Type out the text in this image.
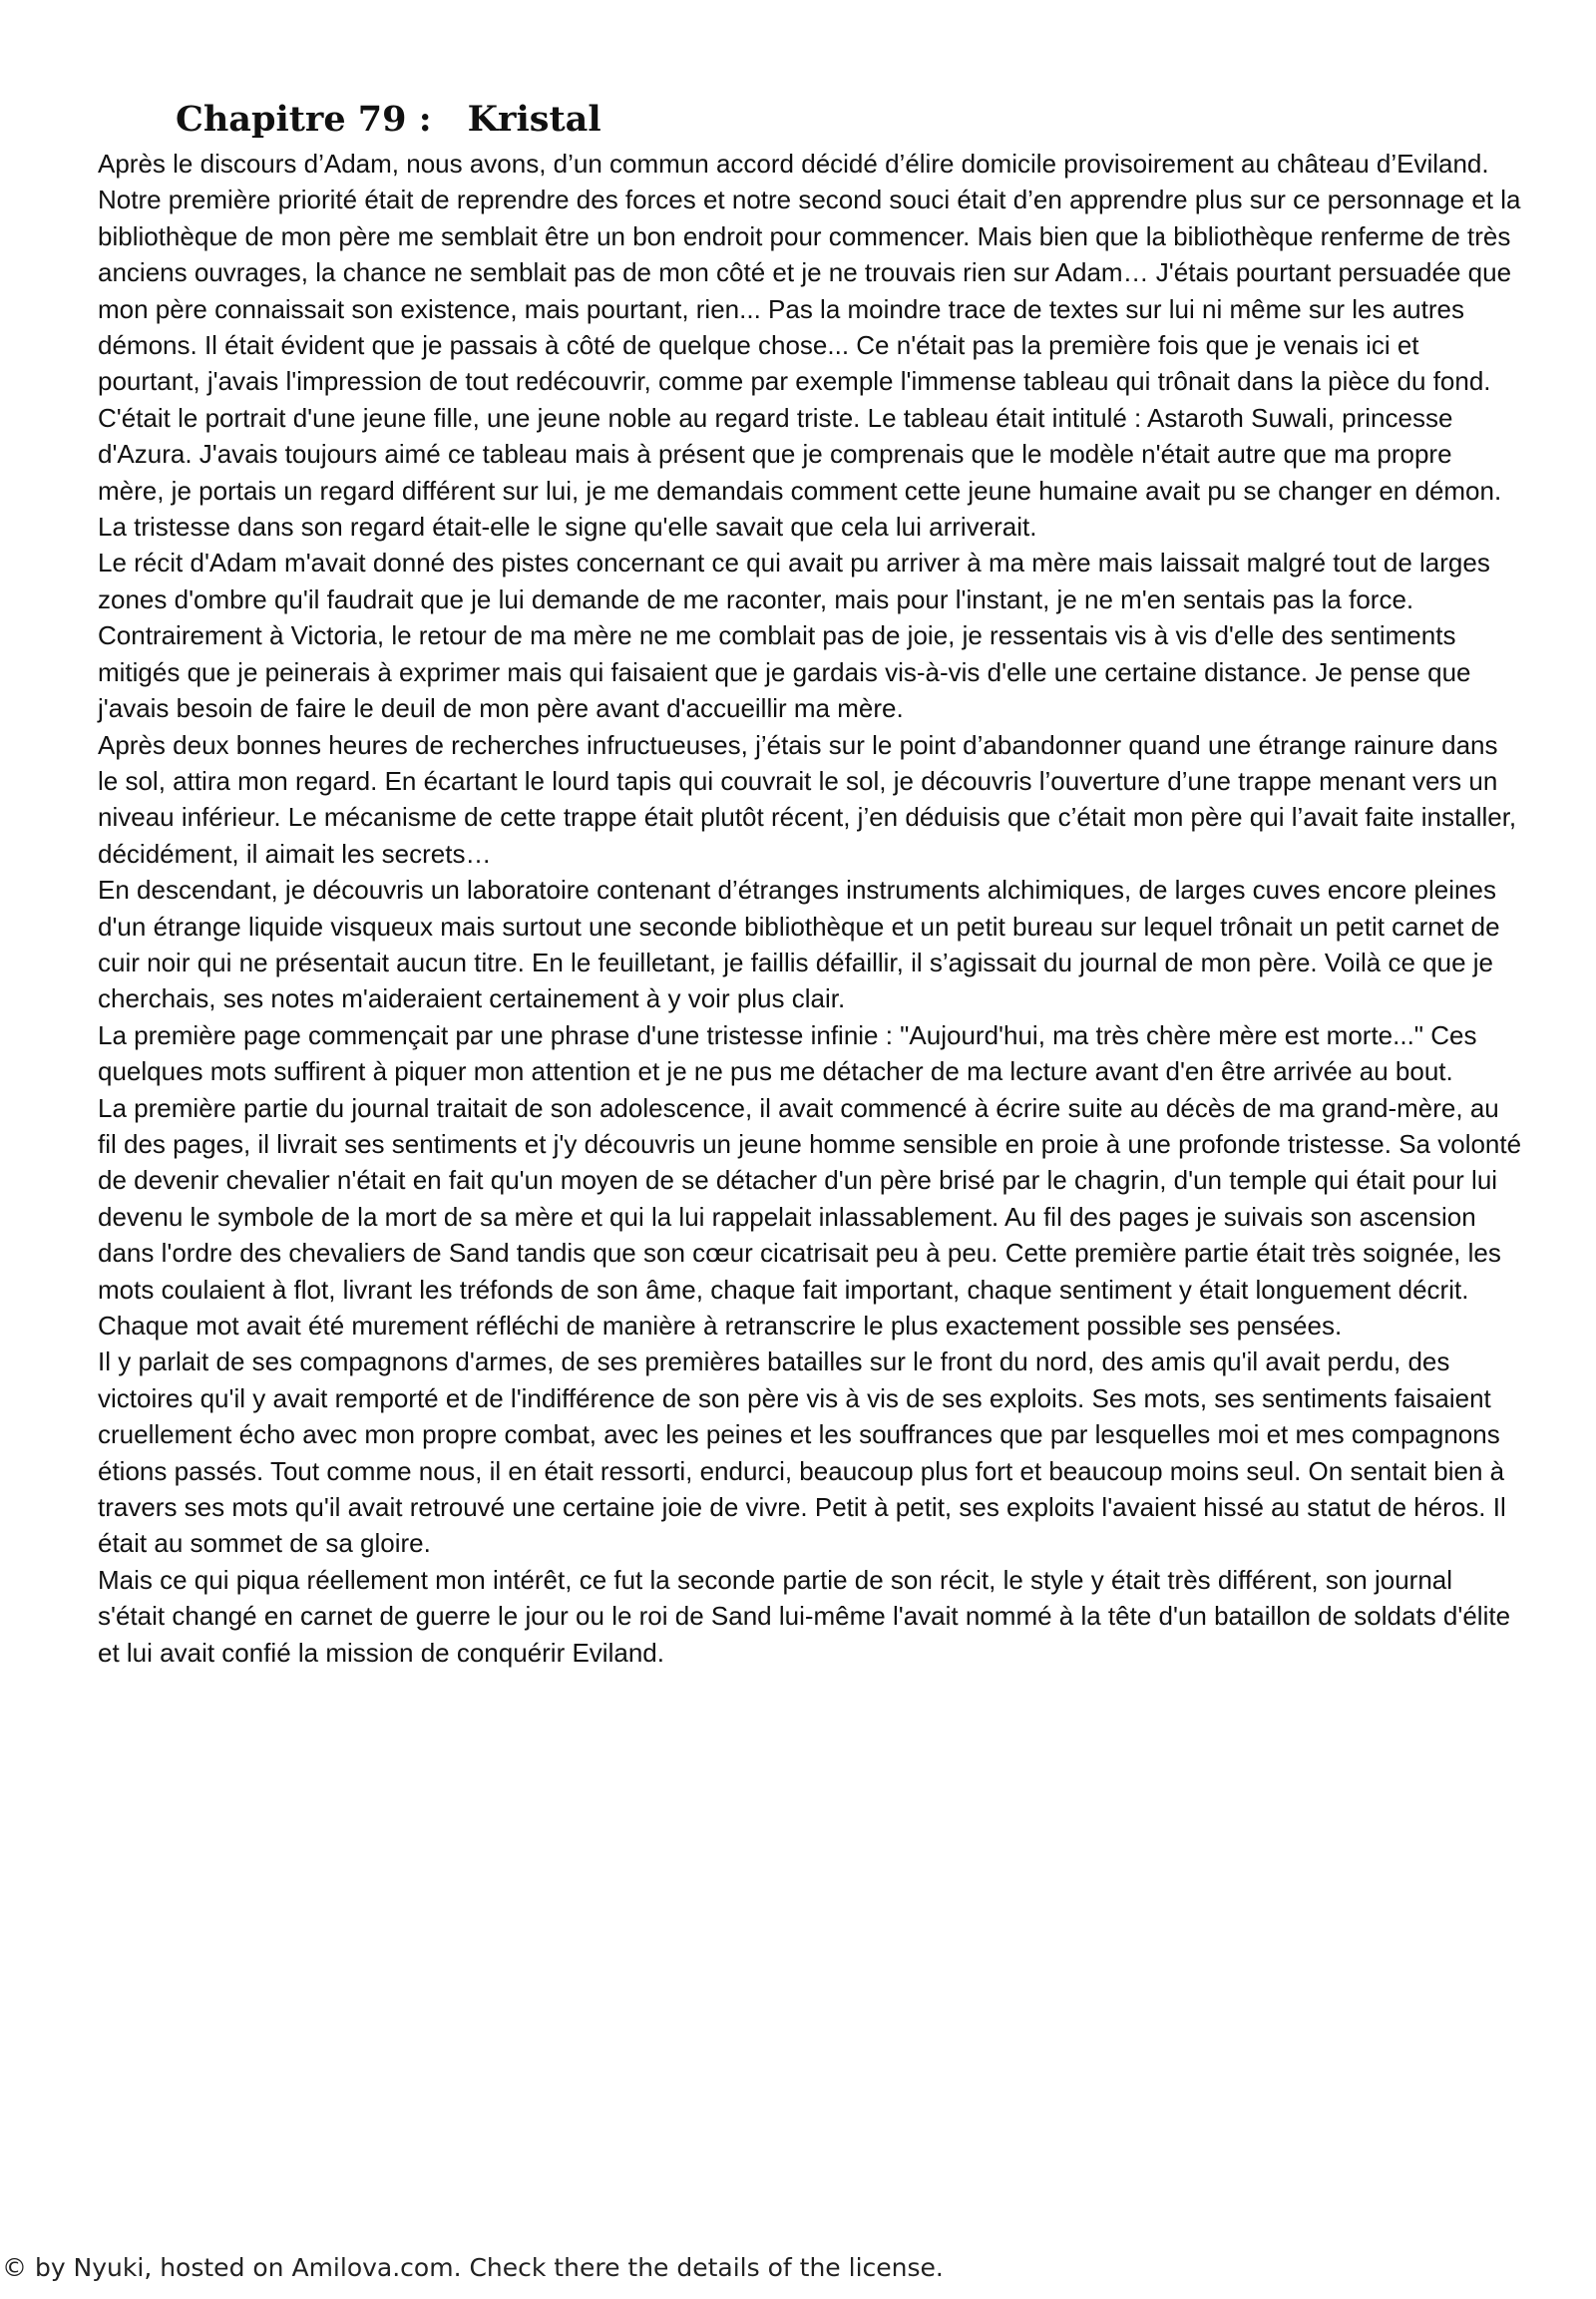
Chapitre 79 : Kristal

Après le discours d’Adam, nous avons, d’un commun accord décidé d’élire domicile provisoirement au château d’Eviland. Notre première priorité était de reprendre des forces et notre second souci était d’en apprendre plus sur ce personnage et la bibliothèque de mon père me semblait être un bon endroit pour commencer. Mais bien que la bibliothèque renferme de très anciens ouvrages, la chance ne semblait pas de mon côté et je ne trouvais rien sur Adam… J'étais pourtant persuadée que mon père connaissait son existence, mais pourtant, rien... Pas la moindre trace de textes sur lui ni même sur les autres démons. Il était évident que je passais à côté de quelque chose... Ce n'était pas la première fois que je venais ici et pourtant, j'avais l'impression de tout redécouvrir, comme par exemple l'immense tableau qui trônait dans la pièce du fond. C'était le portrait d'une jeune fille, une jeune noble au regard triste. Le tableau était intitulé : Astaroth Suwali, princesse d'Azura. J'avais toujours aimé ce tableau mais à présent que je comprenais que le modèle n'était autre que ma propre mère, je portais un regard différent sur lui, je me demandais comment cette jeune humaine avait pu se changer en démon. La tristesse dans son regard était-elle le signe qu'elle savait que cela lui arriverait.

Le récit d'Adam m'avait donné des pistes concernant ce qui avait pu arriver à ma mère mais laissait malgré tout de larges zones d'ombre qu'il faudrait que je lui demande de me raconter, mais pour l'instant, je ne m'en sentais pas la force. Contrairement à Victoria, le retour de ma mère ne me comblait pas de joie, je ressentais vis à vis d'elle des sentiments mitigés que je peinerais à exprimer mais qui faisaient que je gardais vis-à-vis d'elle une certaine distance. Je pense que j'avais besoin de faire le deuil de mon père avant d'accueillir ma mère.

Après deux bonnes heures de recherches infructueuses, j’étais sur le point d’abandonner quand une étrange rainure dans le sol, attira mon regard. En écartant le lourd tapis qui couvrait le sol, je découvris l’ouverture d’une trappe menant vers un niveau inférieur. Le mécanisme de cette trappe était plutôt récent, j’en déduisis que c’était mon père qui l’avait faite installer, décidément, il aimait les secrets…

En descendant, je découvris un laboratoire contenant d’étranges instruments alchimiques, de larges cuves encore pleines d'un étrange liquide visqueux mais surtout une seconde bibliothèque et un petit bureau sur lequel trônait un petit carnet de cuir noir qui ne présentait aucun titre. En le feuilletant, je faillis défaillir, il s’agissait du journal de mon père. Voilà ce que je cherchais, ses notes m'aideraient certainement à y voir plus clair.

La première page commençait par une phrase d'une tristesse infinie : "Aujourd'hui, ma très chère mère est morte..." Ces quelques mots suffirent à piquer mon attention et je ne pus me détacher de ma lecture avant d'en être arrivée au bout.

La première partie du journal traitait de son adolescence, il avait commencé à écrire suite au décès de ma grand-mère, au fil des pages, il livrait ses sentiments et j'y découvris un jeune homme sensible en proie à une profonde tristesse. Sa volonté de devenir chevalier n'était en fait qu'un moyen de se détacher d'un père brisé par le chagrin, d'un temple qui était pour lui devenu le symbole de la mort de sa mère et qui la lui rappelait inlassablement. Au fil des pages je suivais son ascension dans l'ordre des chevaliers de Sand tandis que son cœur cicatrisait peu à peu. Cette première partie était très soignée, les mots coulaient à flot, livrant les tréfonds de son âme, chaque fait important, chaque sentiment y était longuement décrit. Chaque mot avait été murement réfléchi de manière à retranscrire le plus exactement possible ses pensées.

Il y parlait de ses compagnons d'armes, de ses premières batailles sur le front du nord, des amis qu'il avait perdu, des victoires qu'il y avait remporté et de l'indifférence de son père vis à vis de ses exploits. Ses mots, ses sentiments faisaient cruellement écho avec mon propre combat, avec les peines et les souffrances que par lesquelles moi et mes compagnons étions passés. Tout comme nous, il en était ressorti, endurci, beaucoup plus fort et beaucoup moins seul. On sentait bien à travers ses mots qu'il avait retrouvé une certaine joie de vivre. Petit à petit, ses exploits l'avaient hissé au statut de héros. Il était au sommet de sa gloire.

Mais ce qui piqua réellement mon intérêt, ce fut la seconde partie de son récit, le style y était très différent, son journal s'était changé en carnet de guerre le jour ou le roi de Sand lui-même l'avait nommé à la tête d'un bataillon de soldats d'élite et lui avait confié la mission de conquérir Eviland.

© by Nyuki, hosted on Amilova.com. Check there the details of the license.
